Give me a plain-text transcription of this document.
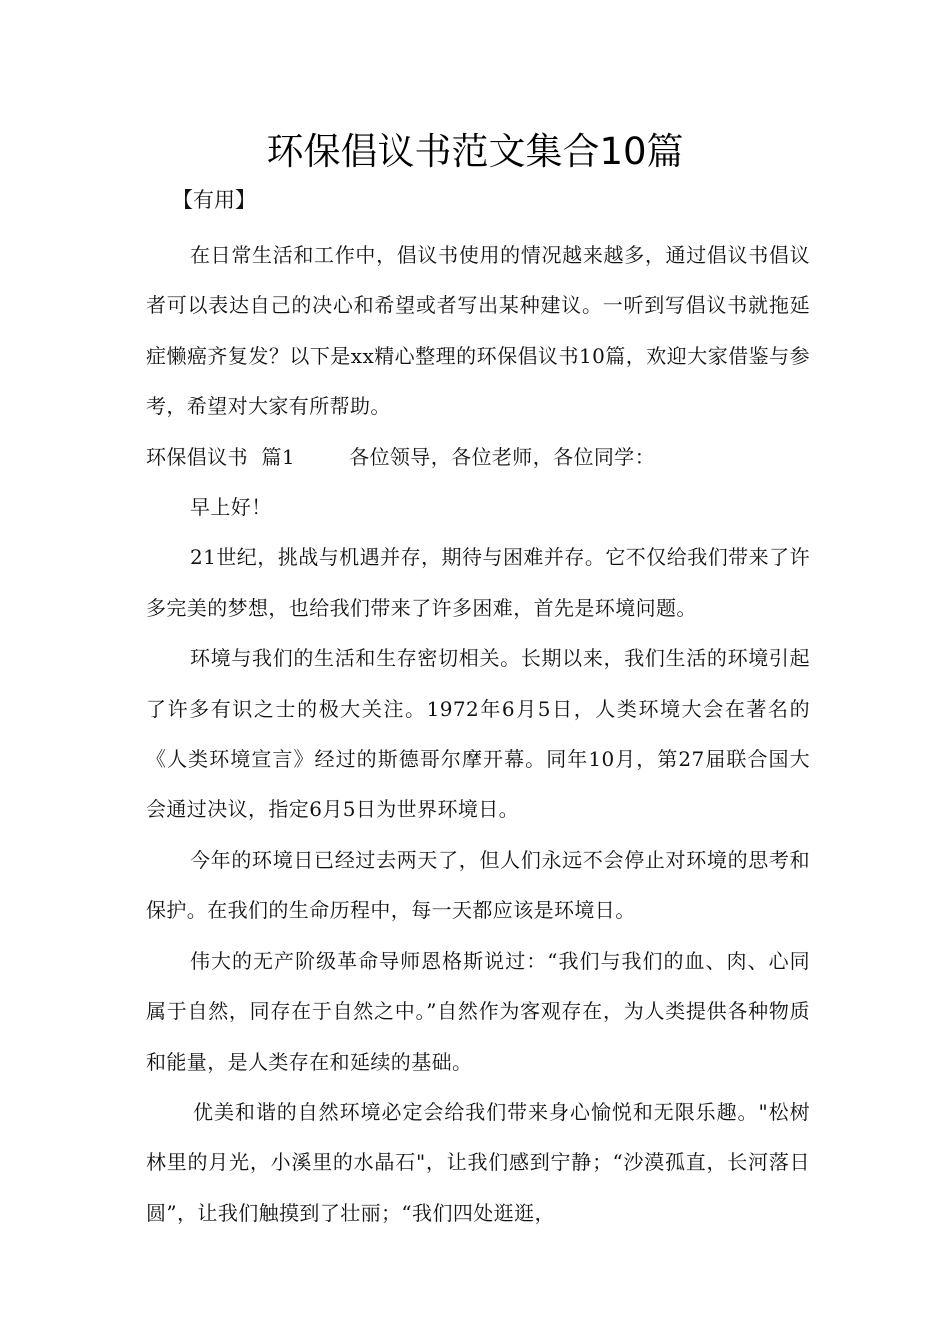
环保倡议书范文集合10篇

【有用】

在日常生活和工作中，倡议书使用的情况越来越多，通过倡议书倡议者可以表达自己的决心和希望或者写出某种建议。一听到写倡议书就拖延症懒癌齐复发？以下是xx精心整理的环保倡议书10篇，欢迎大家借鉴与参考，希望对大家有所帮助。

环保倡议书  篇1        各位领导，各位老师，各位同学：

早上好！

21世纪，挑战与机遇并存，期待与困难并存。它不仅给我们带来了许多完美的梦想，也给我们带来了许多困难，首先是环境问题。

环境与我们的生活和生存密切相关。长期以来，我们生活的环境引起了许多有识之士的极大关注。1972年6月5日，人类环境大会在著名的《人类环境宣言》经过的斯德哥尔摩开幕。同年10月，第27届联合国大会通过决议，指定6月5日为世界环境日。

今年的环境日已经过去两天了，但人们永远不会停止对环境的思考和保护。在我们的生命历程中，每一天都应该是环境日。

伟大的无产阶级革命导师恩格斯说过：“我们与我们的血、肉、心同属于自然，同存在于自然之中。”自然作为客观存在，为人类提供各种物质和能量，是人类存在和延续的基础。

优美和谐的自然环境必定会给我们带来身心愉悦和无限乐趣。"松树林里的月光，小溪里的水晶石"，让我们感到宁静；“沙漠孤直，长河落日圆”，让我们触摸到了壮丽；“我们四处逛逛，
